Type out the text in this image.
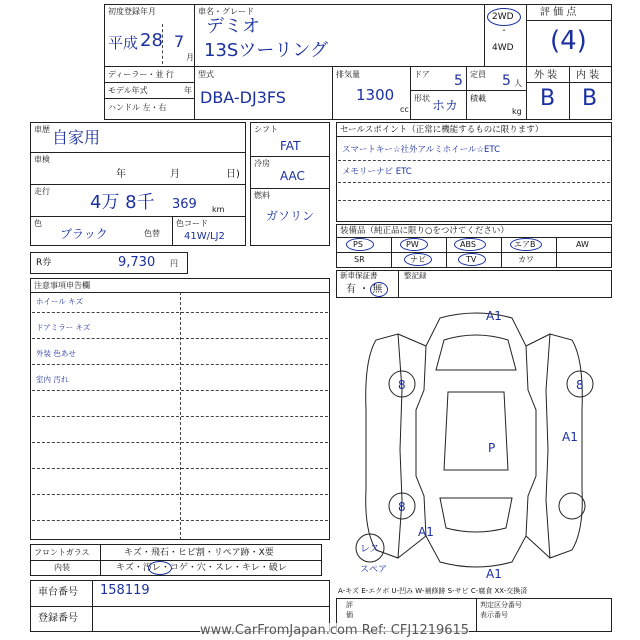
初度登録年月
平成 28 7
月
車名・グレード
デミオ
13Sツーリング
2WD
・
4WD
評 価 点
(4)
ディーラー・並 行
モデル年式	年
ハンドル 左・右
型式
DBA-DJ3FS
排気量
1300
cc
ドア 5 定員 5 人
形状
ホカ
積載
kg
外 装 内 装
B B
車歴 自家用
車検
年	月	日)
走行
4万 8千 369 km
色
ブラック	色替
色コード
41W/LJ2
シフト
FAT
冷房
AAC
燃料
ガソリン
R券	9,730 円
セールスポイント（正常に機能するものに限ります）
スマートキー☆社外アルミホイール☆ETC
メモリーナビ ETC
装備品（純正品に限り○をつけてください）
PS	PW	ABS	エアB	AW
SR	ナビ	TV	カワ
新車保証書	整記録
有 ・ 無
注意事項申告欄
ホイール キズ
ドアミラー キズ
外装 色あせ
室内 汚れ
A1
8	8
A1
P
8
A1
A1
レス
スペア
フロントガラス	キズ・飛石・ヒビ割・リペア跡・X要
内装	キズ・汚レ・コゲ・穴・スレ・キレ・破レ
車台番号 158119
登録番号
A-キズ E-エクボ U-凹み W-補修跡 S-サビ C-腐食 XX-交換済
評
価
判定区分番号
表示番号
www.CarFromJapan.com Ref: CFJ1219615
